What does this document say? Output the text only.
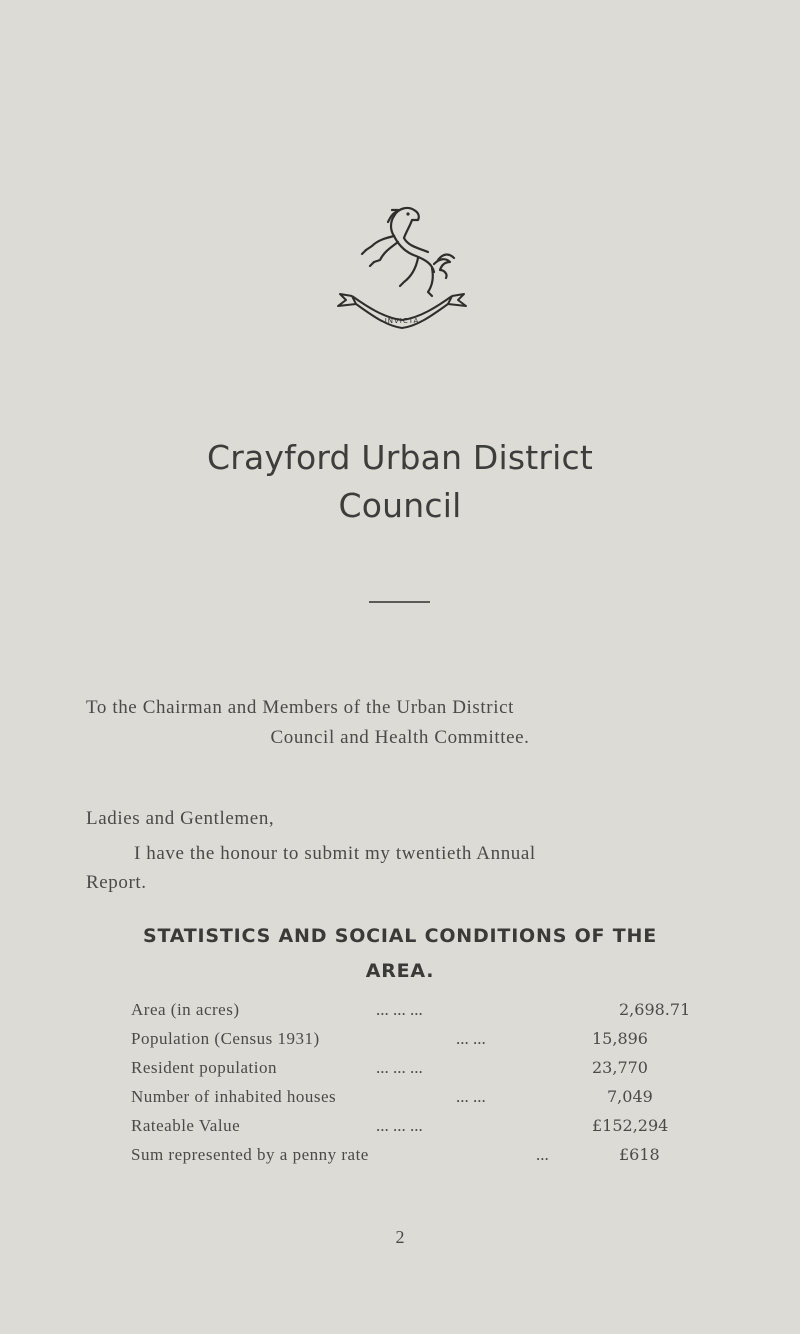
INVICTA
Crayford Urban District
Council
To the Chairman and Members of the Urban District
Council and Health Committee.
Ladies and Gentlemen,
I have the honour to submit my twentieth Annual
Report.
STATISTICS AND SOCIAL CONDITIONS OF THE
AREA.
Area (in acres)	... ... ...	2,698.71
Population (Census 1931)	... ...	15,896
Resident population	... ... ...	23,770
Number of inhabited houses	... ...	7,049
Rateable Value	... ... ...	£152,294
Sum represented by a penny rate	...	£618
2
